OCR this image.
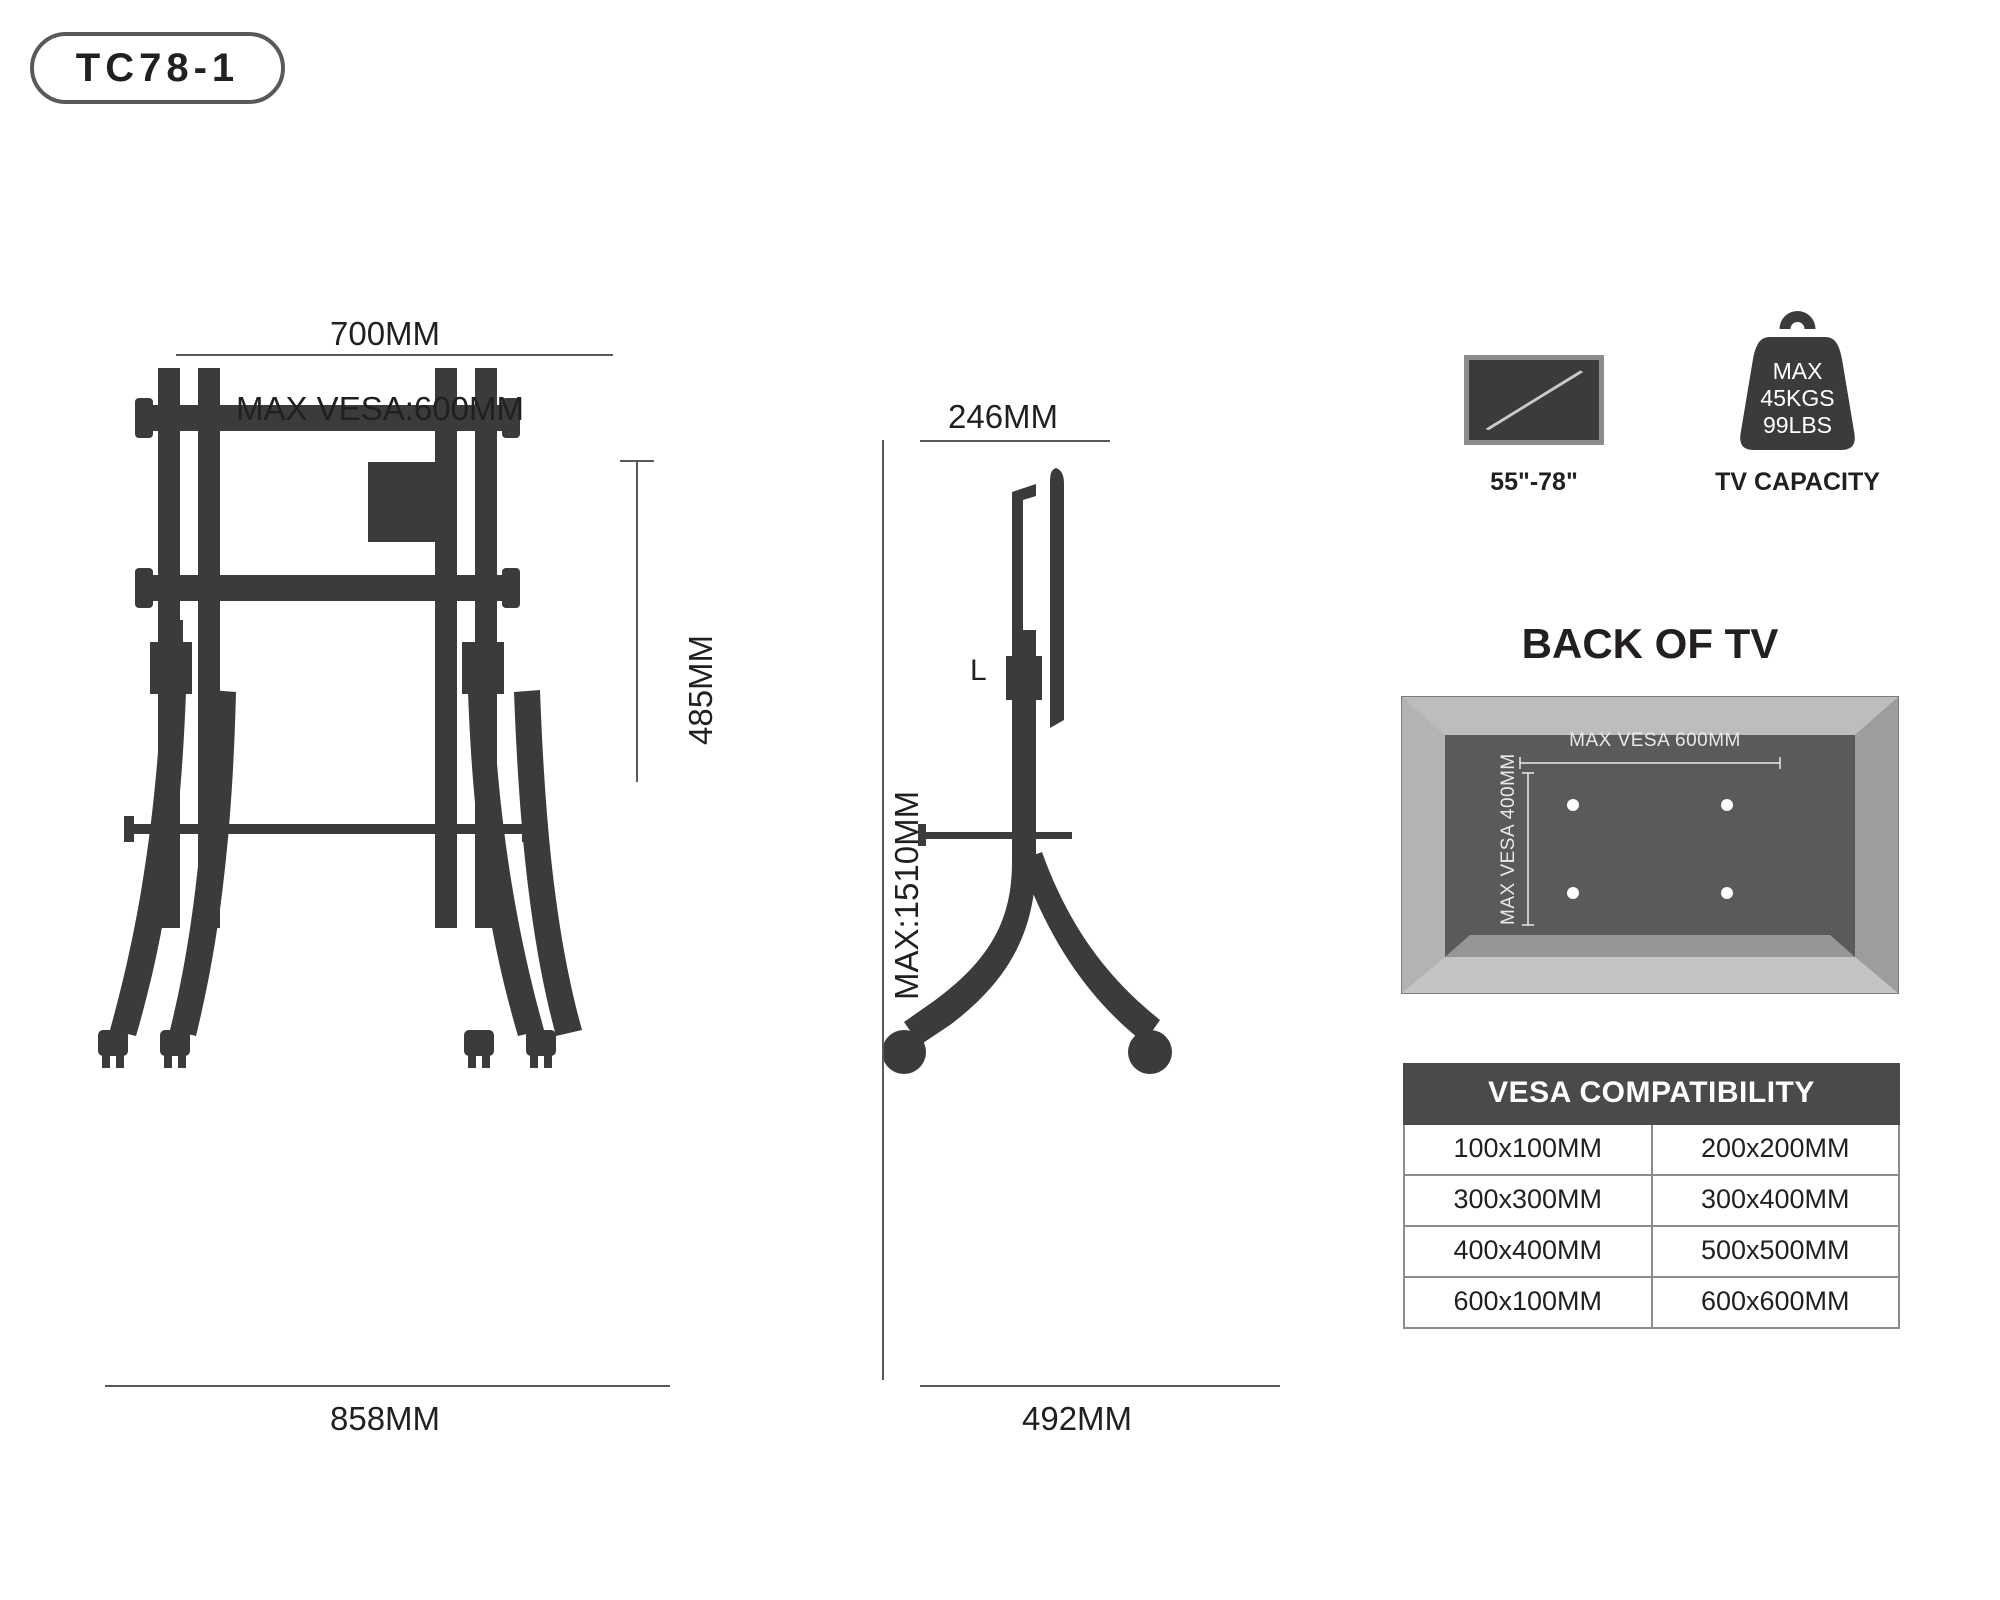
TC78-1
700MM
MAX VESA:600MM
485MM
858MM
L
246MM
MAX:1510MM
492MM
55"-78"
MAX
45KGS
99LBS
TV CAPACITY
BACK OF TV
MAX VESA 600MM
MAX VESA 400MM
VESA COMPATIBILITY	
100x100MM	200x200MM
300x300MM	300x400MM
400x400MM	500x500MM
600x100MM	600x600MM
